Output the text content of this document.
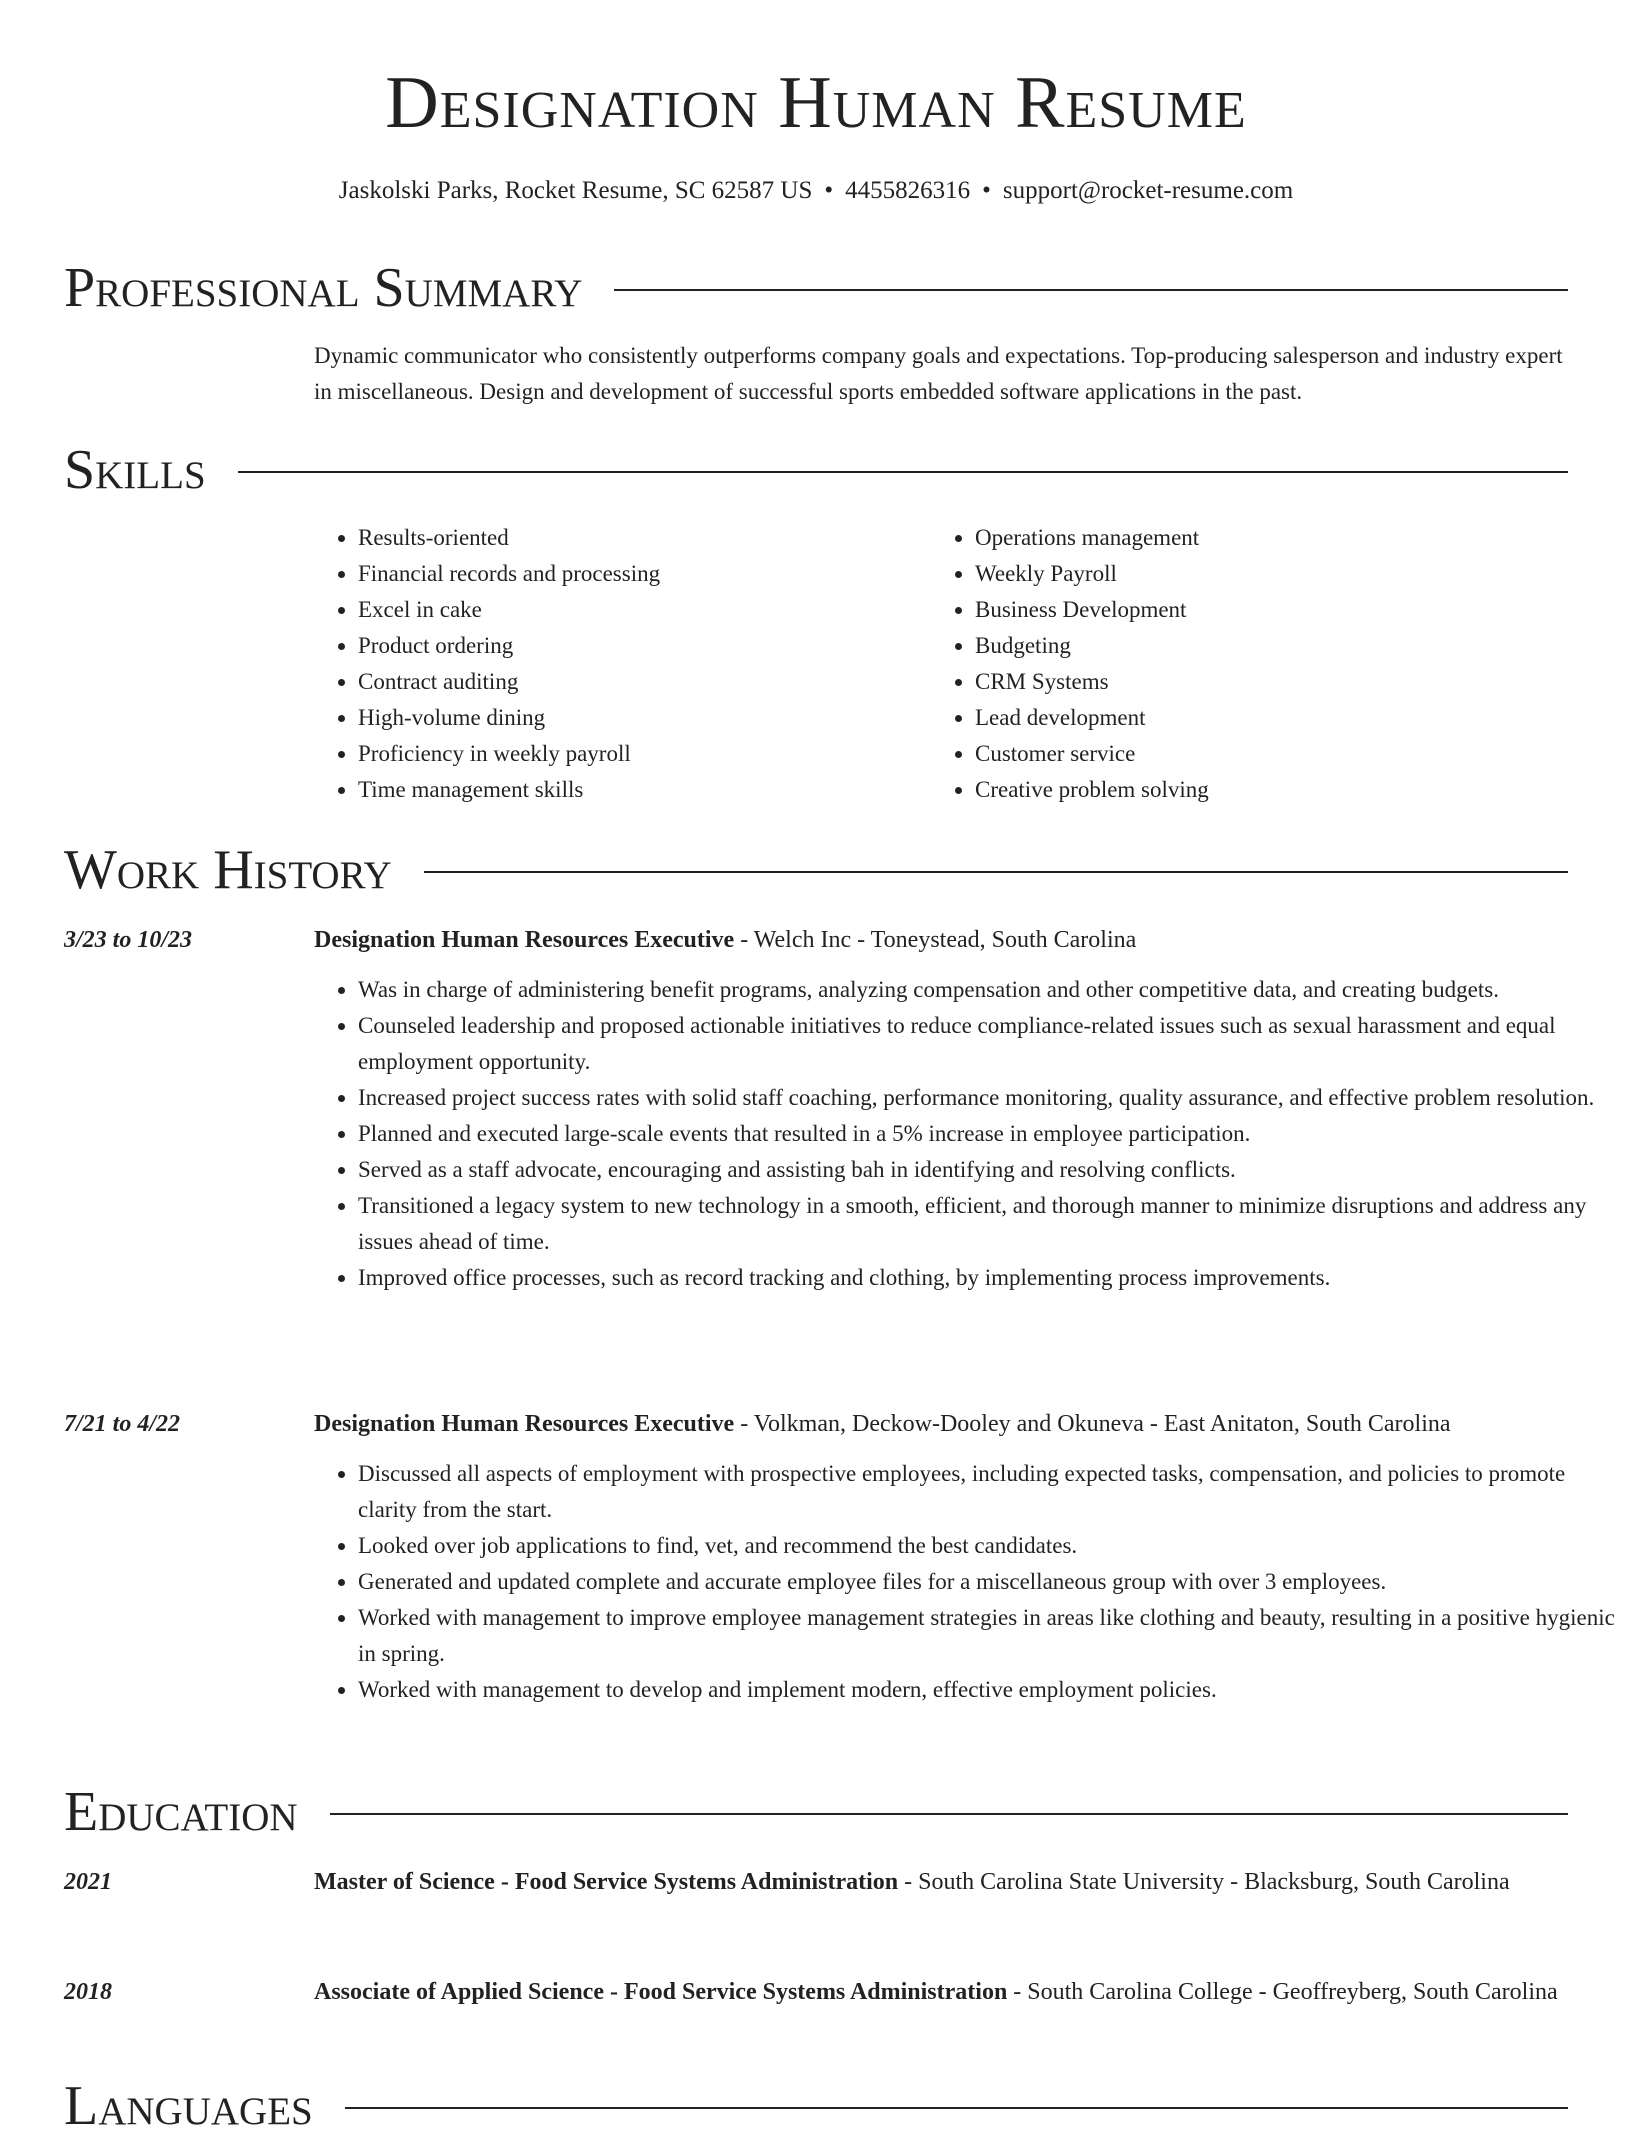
Designation Human Resume
Jaskolski Parks, Rocket Resume, SC 62587 US • 4455826316 • support@rocket-resume.com
Professional Summary
Dynamic communicator who consistently outperforms company goals and expectations. Top-producing salesperson and industry expert in miscellaneous. Design and development of successful sports embedded software applications in the past.
Skills
• Results-oriented
• Financial records and processing
• Excel in cake
• Product ordering
• Contract auditing
• High-volume dining
• Proficiency in weekly payroll
• Time management skills
• Operations management
• Weekly Payroll
• Business Development
• Budgeting
• CRM Systems
• Lead development
• Customer service
• Creative problem solving
Work History
3/23 to 10/23	Designation Human Resources Executive - Welch Inc - Toneystead, South Carolina
• Was in charge of administering benefit programs, analyzing compensation and other competitive data, and creating budgets.
• Counseled leadership and proposed actionable initiatives to reduce compliance-related issues such as sexual harassment and equal employment opportunity.
• Increased project success rates with solid staff coaching, performance monitoring, quality assurance, and effective problem resolution.
• Planned and executed large-scale events that resulted in a 5% increase in employee participation.
• Served as a staff advocate, encouraging and assisting bah in identifying and resolving conflicts.
• Transitioned a legacy system to new technology in a smooth, efficient, and thorough manner to minimize disruptions and address any issues ahead of time.
• Improved office processes, such as record tracking and clothing, by implementing process improvements.
7/21 to 4/22	Designation Human Resources Executive - Volkman, Deckow-Dooley and Okuneva - East Anitaton, South Carolina
• Discussed all aspects of employment with prospective employees, including expected tasks, compensation, and policies to promote clarity from the start.
• Looked over job applications to find, vet, and recommend the best candidates.
• Generated and updated complete and accurate employee files for a miscellaneous group with over 3 employees.
• Worked with management to improve employee management strategies in areas like clothing and beauty, resulting in a positive hygienic in spring.
• Worked with management to develop and implement modern, effective employment policies.
Education
2021	Master of Science - Food Service Systems Administration - South Carolina State University - Blacksburg, South Carolina
2018	Associate of Applied Science - Food Service Systems Administration - South Carolina College - Geoffreyberg, South Carolina
Languages
